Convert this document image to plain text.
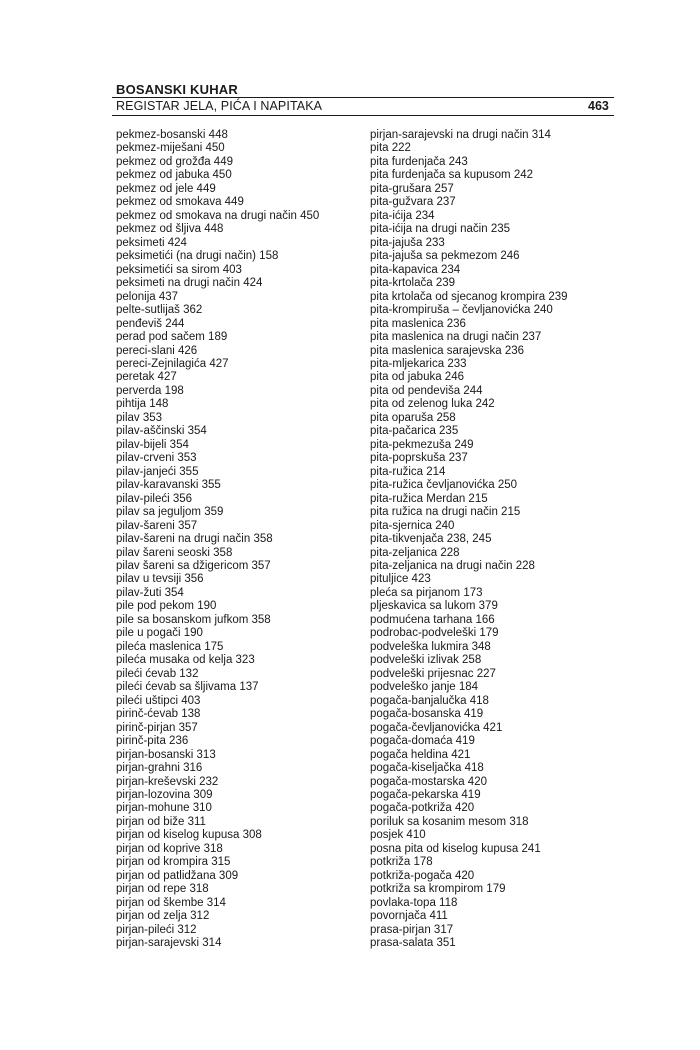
BOSANSKI KUHAR
REGISTAR JELA, PIĆA I NAPITAKA	463
pekmez-bosanski 448
pekmez-miješani 450
pekmez od grožđa 449
pekmez od jabuka 450
pekmez od jele 449
pekmez od smokava 449
pekmez od smokava na drugi način 450
pekmez od šljiva 448
peksimeti 424
peksimetići (na drugi način) 158
peksimetići sa sirom 403
peksimeti na drugi način 424
pelonija 437
pelte-sutlijaš 362
penđeviš 244
perad pod sačem 189
pereci-slani 426
pereci-Zejnilagića 427
peretak 427
perverda 198
pihtija 148
pilav 353
pilav-aščinski 354
pilav-bijeli 354
pilav-crveni 353
pilav-janjeći 355
pilav-karavanski 355
pilav-pileći 356
pilav sa jeguljom 359
pilav-šareni 357
pilav-šareni na drugi način 358
pilav šareni seoski 358
pilav šareni sa džigericom 357
pilav u tevsiji 356
pilav-žuti 354
pile pod pekom 190
pile sa bosanskom jufkom 358
pile u pogači 190
pileća maslenica 175
pileća musaka od kelja 323
pileći ćevab 132
pileći ćevab sa šljivama 137
pileći uštipci 403
pirinč-ćevab 138
pirinč-pirjan 357
pirinč-pita 236
pirjan-bosanski 313
pirjan-grahni 316
pirjan-kreševski 232
pirjan-lozovina 309
pirjan-mohune 310
pirjan od biže 311
pirjan od kiselog kupusa 308
pirjan od koprive 318
pirjan od krompira 315
pirjan od patlidžana 309
pirjan od repe 318
pirjan od škembe 314
pirjan od zelja 312
pirjan-pileći 312
pirjan-sarajevski 314
pirjan-sarajevski na drugi način 314
pita 222
pita furdenjača 243
pita furdenjača sa kupusom 242
pita-grušara 257
pita-gužvara 237
pita-ićija 234
pita-ićija na drugi način 235
pita-jajuša 233
pita-jajuša sa pekmezom 246
pita-kapavica 234
pita-krtolača 239
pita krtolača od sjecanog krompira 239
pita-krompiruša – čevljanovićka 240
pita maslenica 236
pita maslenica na drugi način 237
pita maslenica sarajevska 236
pita-mljekarica 233
pita od jabuka 246
pita od pendeviša 244
pita od zelenog luka 242
pita oparuša 258
pita-pačarica 235
pita-pekmezuša 249
pita-poprskuša 237
pita-ružica 214
pita-ružica čevljanovićka 250
pita-ružica Merdan 215
pita ružica na drugi način 215
pita-sjernica 240
pita-tikvenjača 238, 245
pita-zeljanica 228
pita-zeljanica na drugi način 228
pituljice 423
pleća sa pirjanom 173
pljeskavica sa lukom 379
podmućena tarhana 166
podrobac-podveleški 179
podveleška lukmira 348
podveleški izlivak 258
podveleški prijesnac 227
podveleško janje 184
pogača-banjalučka 418
pogača-bosanska 419
pogača-čevljanovićka 421
pogača-domaća 419
pogača heldina 421
pogača-kiseljačka 418
pogača-mostarska 420
pogača-pekarska 419
pogača-potkriža 420
poriluk sa kosanim mesom 318
posjek 410
posna pita od kiselog kupusa 241
potkriža 178
potkriža-pogača 420
potkriža sa krompirom 179
povlaka-topa 118
povornjača 411
prasa-pirjan 317
prasa-salata 351
